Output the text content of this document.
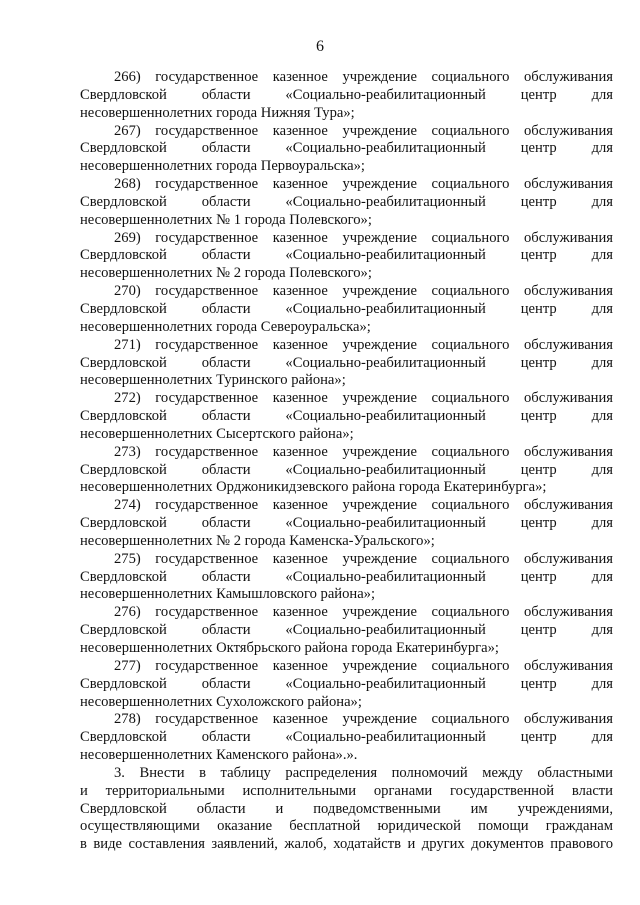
6
266) государственное казенное учреждение социального обслуживания
Свердловской области «Социально-реабилитационный центр для
несовершеннолетних города Нижняя Тура»;
267) государственное казенное учреждение социального обслуживания
Свердловской области «Социально-реабилитационный центр для
несовершеннолетних города Первоуральска»;
268) государственное казенное учреждение социального обслуживания
Свердловской области «Социально-реабилитационный центр для
несовершеннолетних № 1 города Полевского»;
269) государственное казенное учреждение социального обслуживания
Свердловской области «Социально-реабилитационный центр для
несовершеннолетних № 2 города Полевского»;
270) государственное казенное учреждение социального обслуживания
Свердловской области «Социально-реабилитационный центр для
несовершеннолетних города Североуральска»;
271) государственное казенное учреждение социального обслуживания
Свердловской области «Социально-реабилитационный центр для
несовершеннолетних Туринского района»;
272) государственное казенное учреждение социального обслуживания
Свердловской области «Социально-реабилитационный центр для
несовершеннолетних Сысертского района»;
273) государственное казенное учреждение социального обслуживания
Свердловской области «Социально-реабилитационный центр для
несовершеннолетних Орджоникидзевского района города Екатеринбурга»;
274) государственное казенное учреждение социального обслуживания
Свердловской области «Социально-реабилитационный центр для
несовершеннолетних № 2 города Каменска-Уральского»;
275) государственное казенное учреждение социального обслуживания
Свердловской области «Социально-реабилитационный центр для
несовершеннолетних Камышловского района»;
276) государственное казенное учреждение социального обслуживания
Свердловской области «Социально-реабилитационный центр для
несовершеннолетних Октябрьского района города Екатеринбурга»;
277) государственное казенное учреждение социального обслуживания
Свердловской области «Социально-реабилитационный центр для
несовершеннолетних Сухоложского района»;
278) государственное казенное учреждение социального обслуживания
Свердловской области «Социально-реабилитационный центр для
несовершеннолетних Каменского района».».
3. Внести в таблицу распределения полномочий между областными
и территориальными исполнительными органами государственной власти
Свердловской области и подведомственными им учреждениями,
осуществляющими оказание бесплатной юридической помощи гражданам
в виде составления заявлений, жалоб, ходатайств и других документов правового
